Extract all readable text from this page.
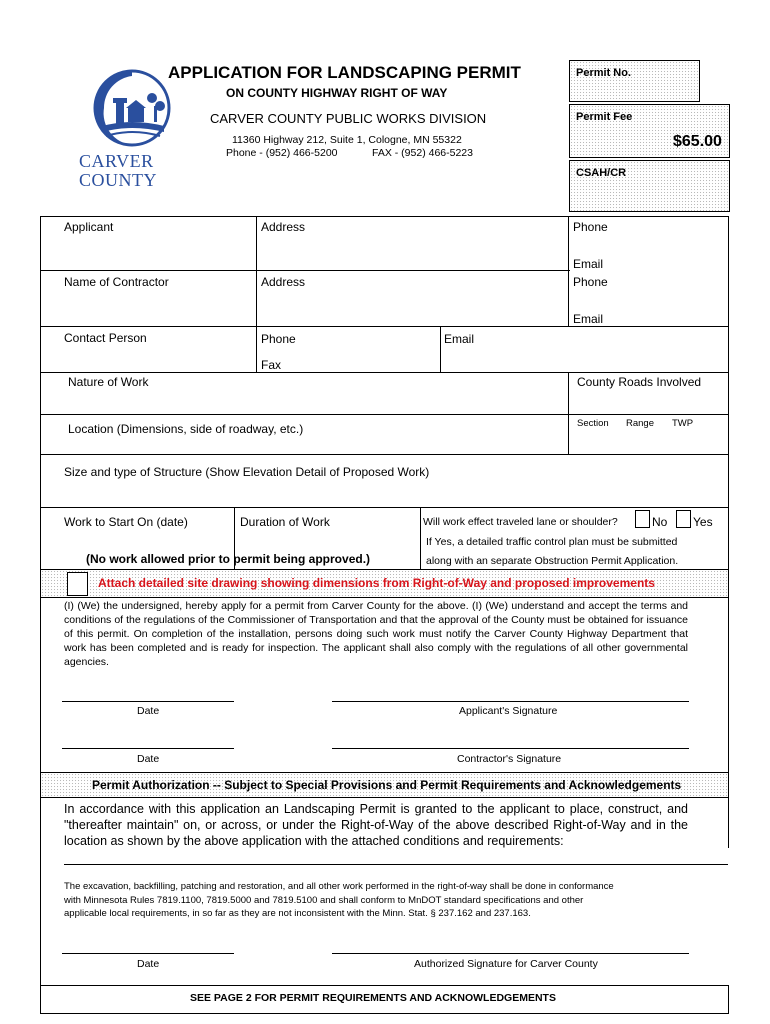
CARVER
COUNTY
APPLICATION FOR LANDSCAPING PERMIT
ON COUNTY HIGHWAY RIGHT OF WAY
CARVER COUNTY PUBLIC WORKS DIVISION
11360 Highway 212, Suite 1, Cologne, MN 55322
Phone - (952) 466-5200	FAX - (952) 466-5223
Permit No.
Permit Fee
$65.00
CSAH/CR
Applicant	Address	Phone
Email
Name of Contractor	Address	Phone
Email
Contact Person	Phone
Fax
Email
Nature of Work	County Roads Involved
Location (Dimensions, side of roadway, etc.)	Section Range TWP
Size and type of Structure (Show Elevation Detail of Proposed Work)
Work to Start On (date)
(No work allowed prior to permit being approved.)
Duration of Work	Will work effect traveled lane or shoulder?	No Yes
If Yes, a detailed traffic control plan must be submitted
along with an separate Obstruction Permit Application.
Attach detailed site drawing showing dimensions from Right-of-Way and proposed improvements
(I) (We) the undersigned, hereby apply for a permit from Carver County for the above. (I) (We) understand and accept the terms and conditions of the regulations of the Commissioner of Transportation and that the approval of the County must be obtained for issuance of this permit. On completion of the installation, persons doing such work must notify the Carver County Highway Department that work has been completed and is ready for inspection. The applicant shall also comply with the regulations of all other governmental agencies.
Date	Applicant's Signature
Date	Contractor's Signature
Permit Authorization -- Subject to Special Provisions and Permit Requirements and Acknowledgements
In accordance with this application an Landscaping Permit is granted to the applicant to place, construct, and "thereafter maintain" on, or across, or under the Right-of-Way of the above described Right-of-Way and in the location as shown by the above application with the attached conditions and requirements:
The excavation, backfilling, patching and restoration, and all other work performed in the right-of-way shall be done in conformance with Minnesota Rules 7819.1100, 7819.5000 and 7819.5100 and shall conform to MnDOT standard specifications and other applicable local requirements, in so far as they are not inconsistent with the Minn. Stat. § 237.162 and 237.163.
Date	Authorized Signature for Carver County
SEE PAGE 2 FOR PERMIT REQUIREMENTS AND ACKNOWLEDGEMENTS
